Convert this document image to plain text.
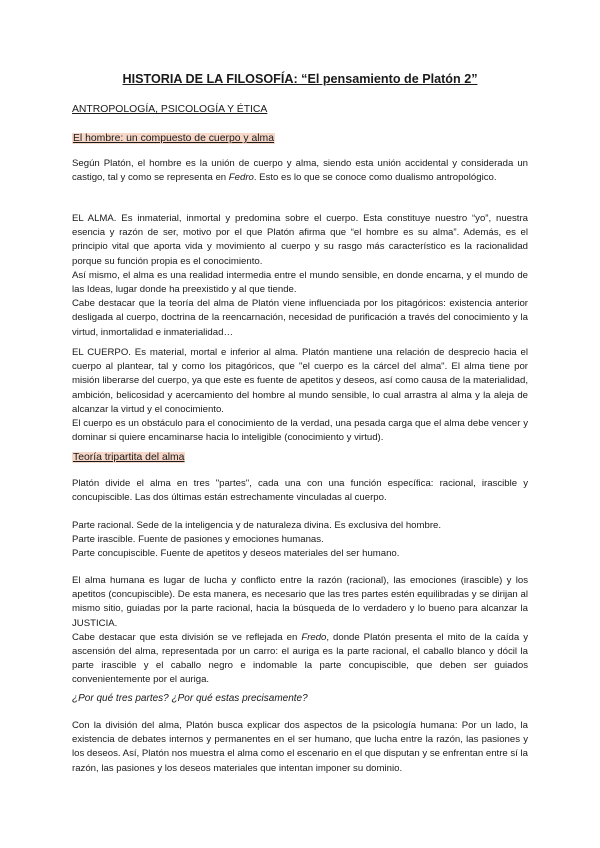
HISTORIA DE LA FILOSOFÍA: “El pensamiento de Platón 2”
ANTROPOLOGÍA, PSICOLOGÍA Y ÉTICA
El hombre: un compuesto de cuerpo y alma

Según Platón, el hombre es la unión de cuerpo y alma, siendo esta unión accidental y considerada un castigo, tal y como se representa en Fedro. Esto es lo que se conoce como dualismo antropológico.

EL ALMA. Es inmaterial, inmortal y predomina sobre el cuerpo. Esta constituye nuestro “yo”, nuestra esencia y razón de ser, motivo por el que Platón afirma que “el hombre es su alma”. Además, es el principio vital que aporta vida y movimiento al cuerpo y su rasgo más característico es la racionalidad porque su función propia es el conocimiento.

Así mismo, el alma es una realidad intermedia entre el mundo sensible, en donde encarna, y el mundo de las Ideas, lugar donde ha preexistido y al que tiende.

Cabe destacar que la teoría del alma de Platón viene influenciada por los pitagóricos: existencia anterior desligada al cuerpo, doctrina de la reencarnación, necesidad de purificación a través del conocimiento y la virtud, inmortalidad e inmaterialidad…

EL CUERPO. Es material, mortal e inferior al alma. Platón mantiene una relación de desprecio hacia el cuerpo al plantear, tal y como los pitagóricos, que "el cuerpo es la cárcel del alma". El alma tiene por misión liberarse del cuerpo, ya que este es fuente de apetitos y deseos, así como causa de la materialidad, ambición, belicosidad y acercamiento del hombre al mundo sensible, lo cual arrastra al alma y la aleja de alcanzar la virtud y el conocimiento.

El cuerpo es un obstáculo para el conocimiento de la verdad, una pesada carga que el alma debe vencer y dominar si quiere encaminarse hacia lo inteligible (conocimiento y virtud).

Teoría tripartita del alma
Platón divide el alma en tres "partes", cada una con una función específica: racional, irascible y concupiscible. Las dos últimas están estrechamente vinculadas al cuerpo.

Parte racional. Sede de la inteligencia y de naturaleza divina. Es exclusiva del hombre.

Parte irascible. Fuente de pasiones y emociones humanas.

Parte concupiscible. Fuente de apetitos y deseos materiales del ser humano.

El alma humana es lugar de lucha y conflicto entre la razón (racional), las emociones (irascible) y los apetitos (concupiscible). De esta manera, es necesario que las tres partes estén equilibradas y se dirijan al mismo sitio, guiadas por la parte racional, hacia la búsqueda de lo verdadero y lo bueno para alcanzar la JUSTICIA.

Cabe destacar que esta división se ve reflejada en Fredo, donde Platón presenta el mito de la caída y ascensión del alma, representada por un carro: el auriga es la parte racional, el caballo blanco y dócil la parte irascible y el caballo negro e indomable la parte concupiscible, que deben ser guiados convenientemente por el auriga.

¿Por qué tres partes? ¿Por qué estas precisamente?
Con la división del alma, Platón busca explicar dos aspectos de la psicología humana: Por un lado, la existencia de debates internos y permanentes en el ser humano, que lucha entre la razón, las pasiones y los deseos. Así, Platón nos muestra el alma como el escenario en el que disputan y se enfrentan entre sí la razón, las pasiones y los deseos materiales que intentan imponer su dominio.
